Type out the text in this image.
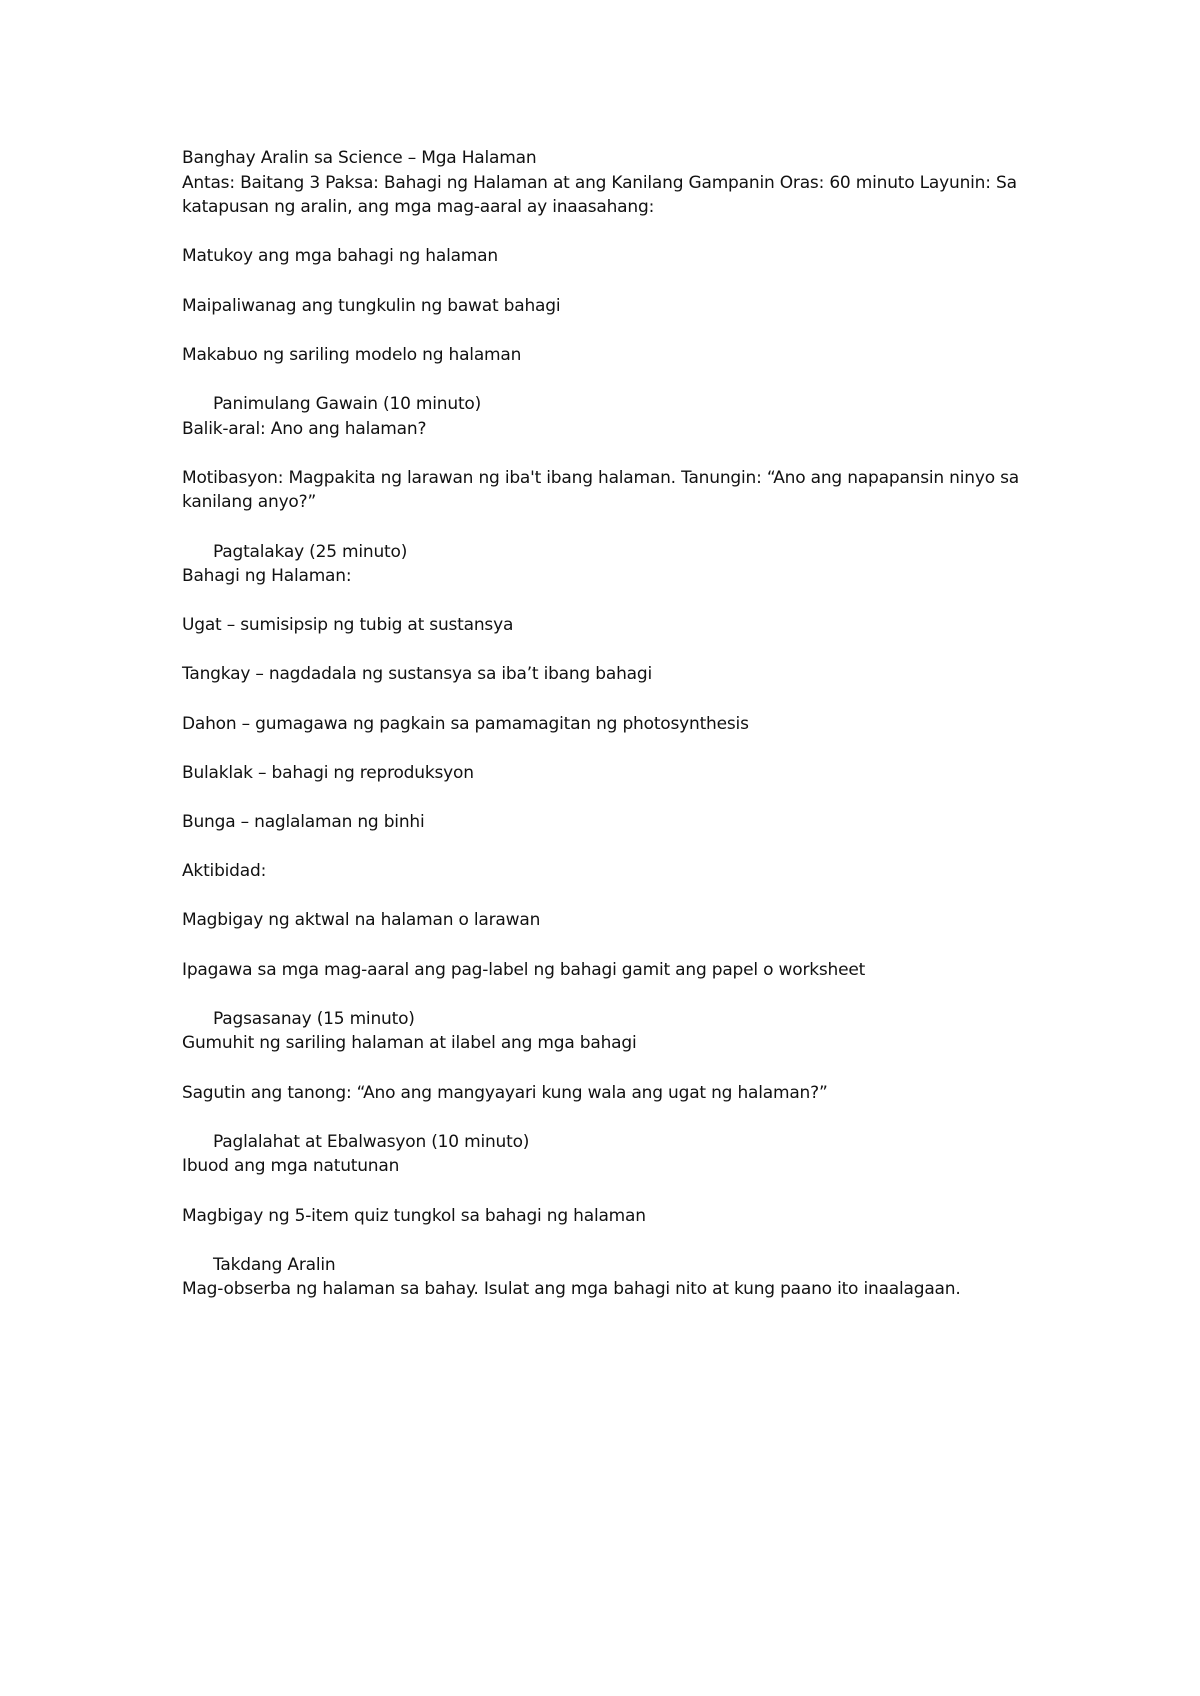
Banghay Aralin sa Science – Mga Halaman

Antas: Baitang 3 Paksa: Bahagi ng Halaman at ang Kanilang Gampanin Oras: 60 minuto Layunin: Sa katapusan ng aralin, ang mga mag-aaral ay inaasahang:

Matukoy ang mga bahagi ng halaman

Maipaliwanag ang tungkulin ng bawat bahagi

Makabuo ng sariling modelo ng halaman

Panimulang Gawain (10 minuto)

Balik-aral: Ano ang halaman?

Motibasyon: Magpakita ng larawan ng iba't ibang halaman. Tanungin: “Ano ang napapansin ninyo sa kanilang anyo?”

Pagtalakay (25 minuto)

Bahagi ng Halaman:

Ugat – sumisipsip ng tubig at sustansya

Tangkay – nagdadala ng sustansya sa iba’t ibang bahagi

Dahon – gumagawa ng pagkain sa pamamagitan ng photosynthesis

Bulaklak – bahagi ng reproduksyon

Bunga – naglalaman ng binhi

Aktibidad:

Magbigay ng aktwal na halaman o larawan

Ipagawa sa mga mag-aaral ang pag-label ng bahagi gamit ang papel o worksheet

Pagsasanay (15 minuto)

Gumuhit ng sariling halaman at ilabel ang mga bahagi

Sagutin ang tanong: “Ano ang mangyayari kung wala ang ugat ng halaman?”

Paglalahat at Ebalwasyon (10 minuto)

Ibuod ang mga natutunan

Magbigay ng 5-item quiz tungkol sa bahagi ng halaman

Takdang Aralin

Mag-obserba ng halaman sa bahay. Isulat ang mga bahagi nito at kung paano ito inaalagaan.
